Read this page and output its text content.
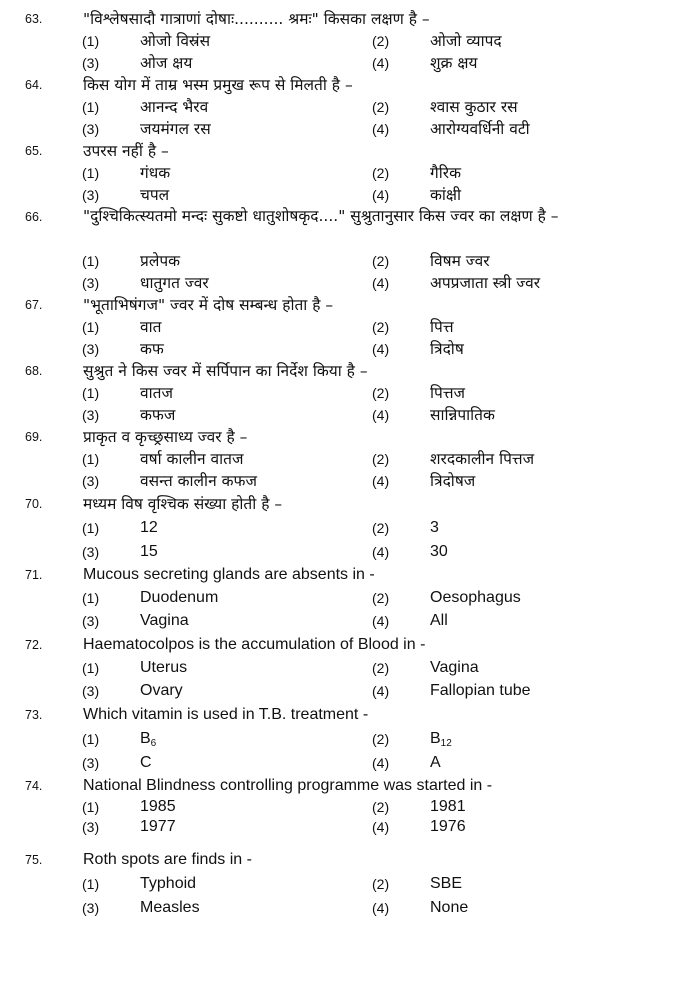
63.	"विश्लेषसादौ गात्राणां दोषाः.......... श्रमः" किसका लक्षण है –
(1)	ओजो विस्रंस	(2)	ओजो व्यापद
(3)	ओज क्षय	(4)	शुक्र क्षय
64.	किस योग में ताम्र भस्म प्रमुख रूप से मिलती है –
(1)	आनन्द भैरव	(2)	श्वास कुठार रस
(3)	जयमंगल रस	(4)	आरोग्यवर्धिनी वटी
65.	उपरस नहीं है –
(1)	गंधक	(2)	गैरिक
(3)	चपल	(4)	कांक्षी
66.	"दुश्चिकित्स्यतमो मन्दः सुकष्टो धातुशोषकृद...." सुश्रुतानुसार किस ज्वर का लक्षण है –
(1)	प्रलेपक	(2)	विषम ज्वर
(3)	धातुगत ज्वर	(4)	अपप्रजाता स्त्री ज्वर
67.	"भूताभिषंगज" ज्वर में दोष सम्बन्ध होता है –
(1)	वात	(2)	पित्त
(3)	कफ	(4)	त्रिदोष
68.	सुश्रुत ने किस ज्वर में सर्पिपान का निर्देश किया है –
(1)	वातज	(2)	पित्तज
(3)	कफज	(4)	सान्निपातिक
69.	प्राकृत व कृच्छ्रसाध्य ज्वर है –
(1)	वर्षा कालीन वातज	(2)	शरदकालीन पित्तज
(3)	वसन्त कालीन कफज	(4)	त्रिदोषज
70.	मध्यम विष वृश्चिक संख्या होती है –
(1)	12	(2)	3
(3)	15	(4)	30
71.	Mucous secreting glands are absents in -
(1)	Duodenum	(2)	Oesophagus
(3)	Vagina	(4)	All
72.	Haematocolpos is the accumulation of Blood in -
(1)	Uterus	(2)	Vagina
(3)	Ovary	(4)	Fallopian tube
73.	Which vitamin is used in T.B. treatment -
(1)	$B_6$	(2)	$B_{12}$
(3)	C	(4)	A
74.	National Blindness controlling programme was started in -
(1)	1985	(2)	1981
(3)	1977	(4)	1976
75.	Roth spots are finds in -
(1)	Typhoid	(2)	SBE
(3)	Measles	(4)	None
